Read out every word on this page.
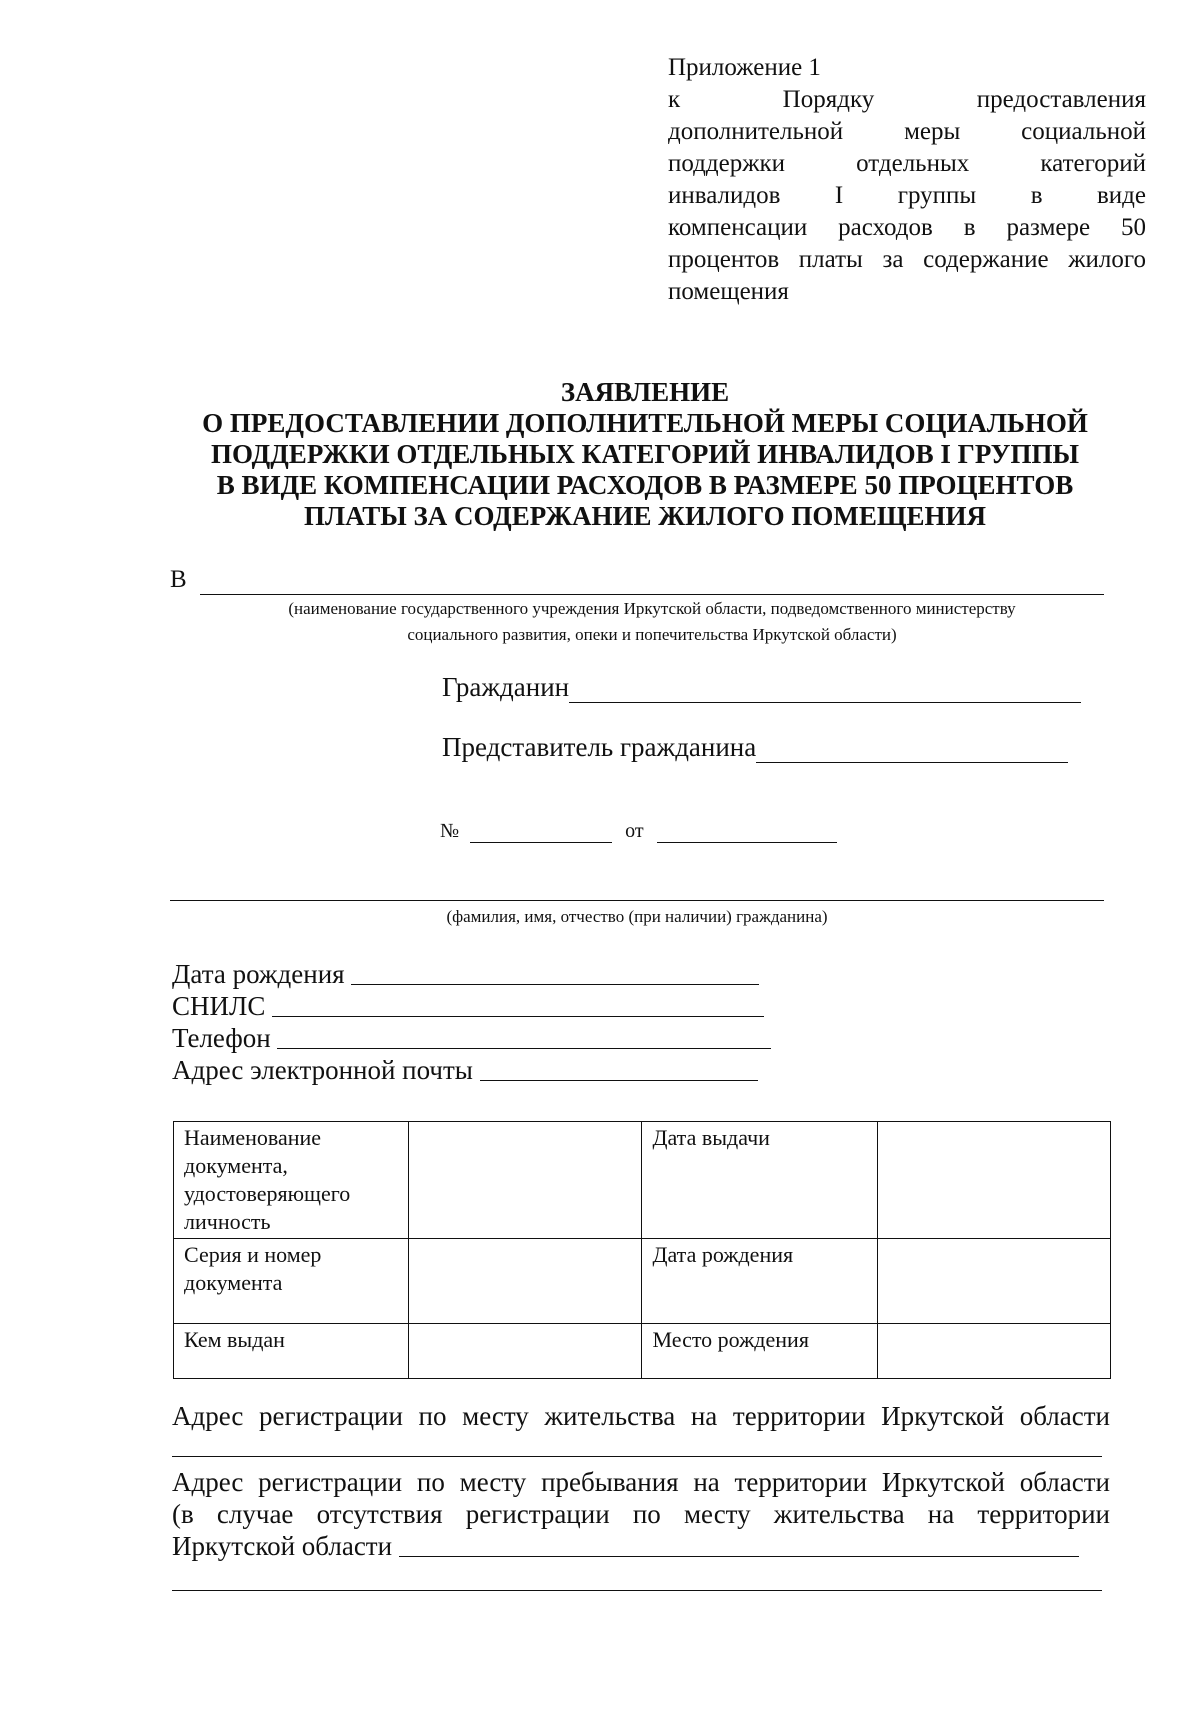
Приложение 1
к Порядку предоставления
дополнительной меры социальной
поддержки отдельных категорий
инвалидов I группы в виде
компенсации расходов в размере 50
процентов платы за содержание жилого
помещения
ЗАЯВЛЕНИЕ
О ПРЕДОСТАВЛЕНИИ ДОПОЛНИТЕЛЬНОЙ МЕРЫ СОЦИАЛЬНОЙ
ПОДДЕРЖКИ ОТДЕЛЬНЫХ КАТЕГОРИЙ ИНВАЛИДОВ I ГРУППЫ
В ВИДЕ КОМПЕНСАЦИИ РАСХОДОВ В РАЗМЕРЕ 50 ПРОЦЕНТОВ
ПЛАТЫ ЗА СОДЕРЖАНИЕ ЖИЛОГО ПОМЕЩЕНИЯ
В
(наименование государственного учреждения Иркутской области, подведомственного министерству
социального развития, опеки и попечительства Иркутской области)
Гражданин
Представитель гражданина
№	от
(фамилия, имя, отчество (при наличии) гражданина)
Дата рождения
СНИЛС
Телефон
Адрес электронной почты
Наименование документа, удостоверяющего личность		Дата выдачи	
Серия и номер документа		Дата рождения	
Кем выдан		Место рождения	
Адрес регистрации по месту жительства на территории Иркутской области
Адрес регистрации по месту пребывания на территории Иркутской области
(в случае отсутствия регистрации по месту жительства на территории
Иркутской области
